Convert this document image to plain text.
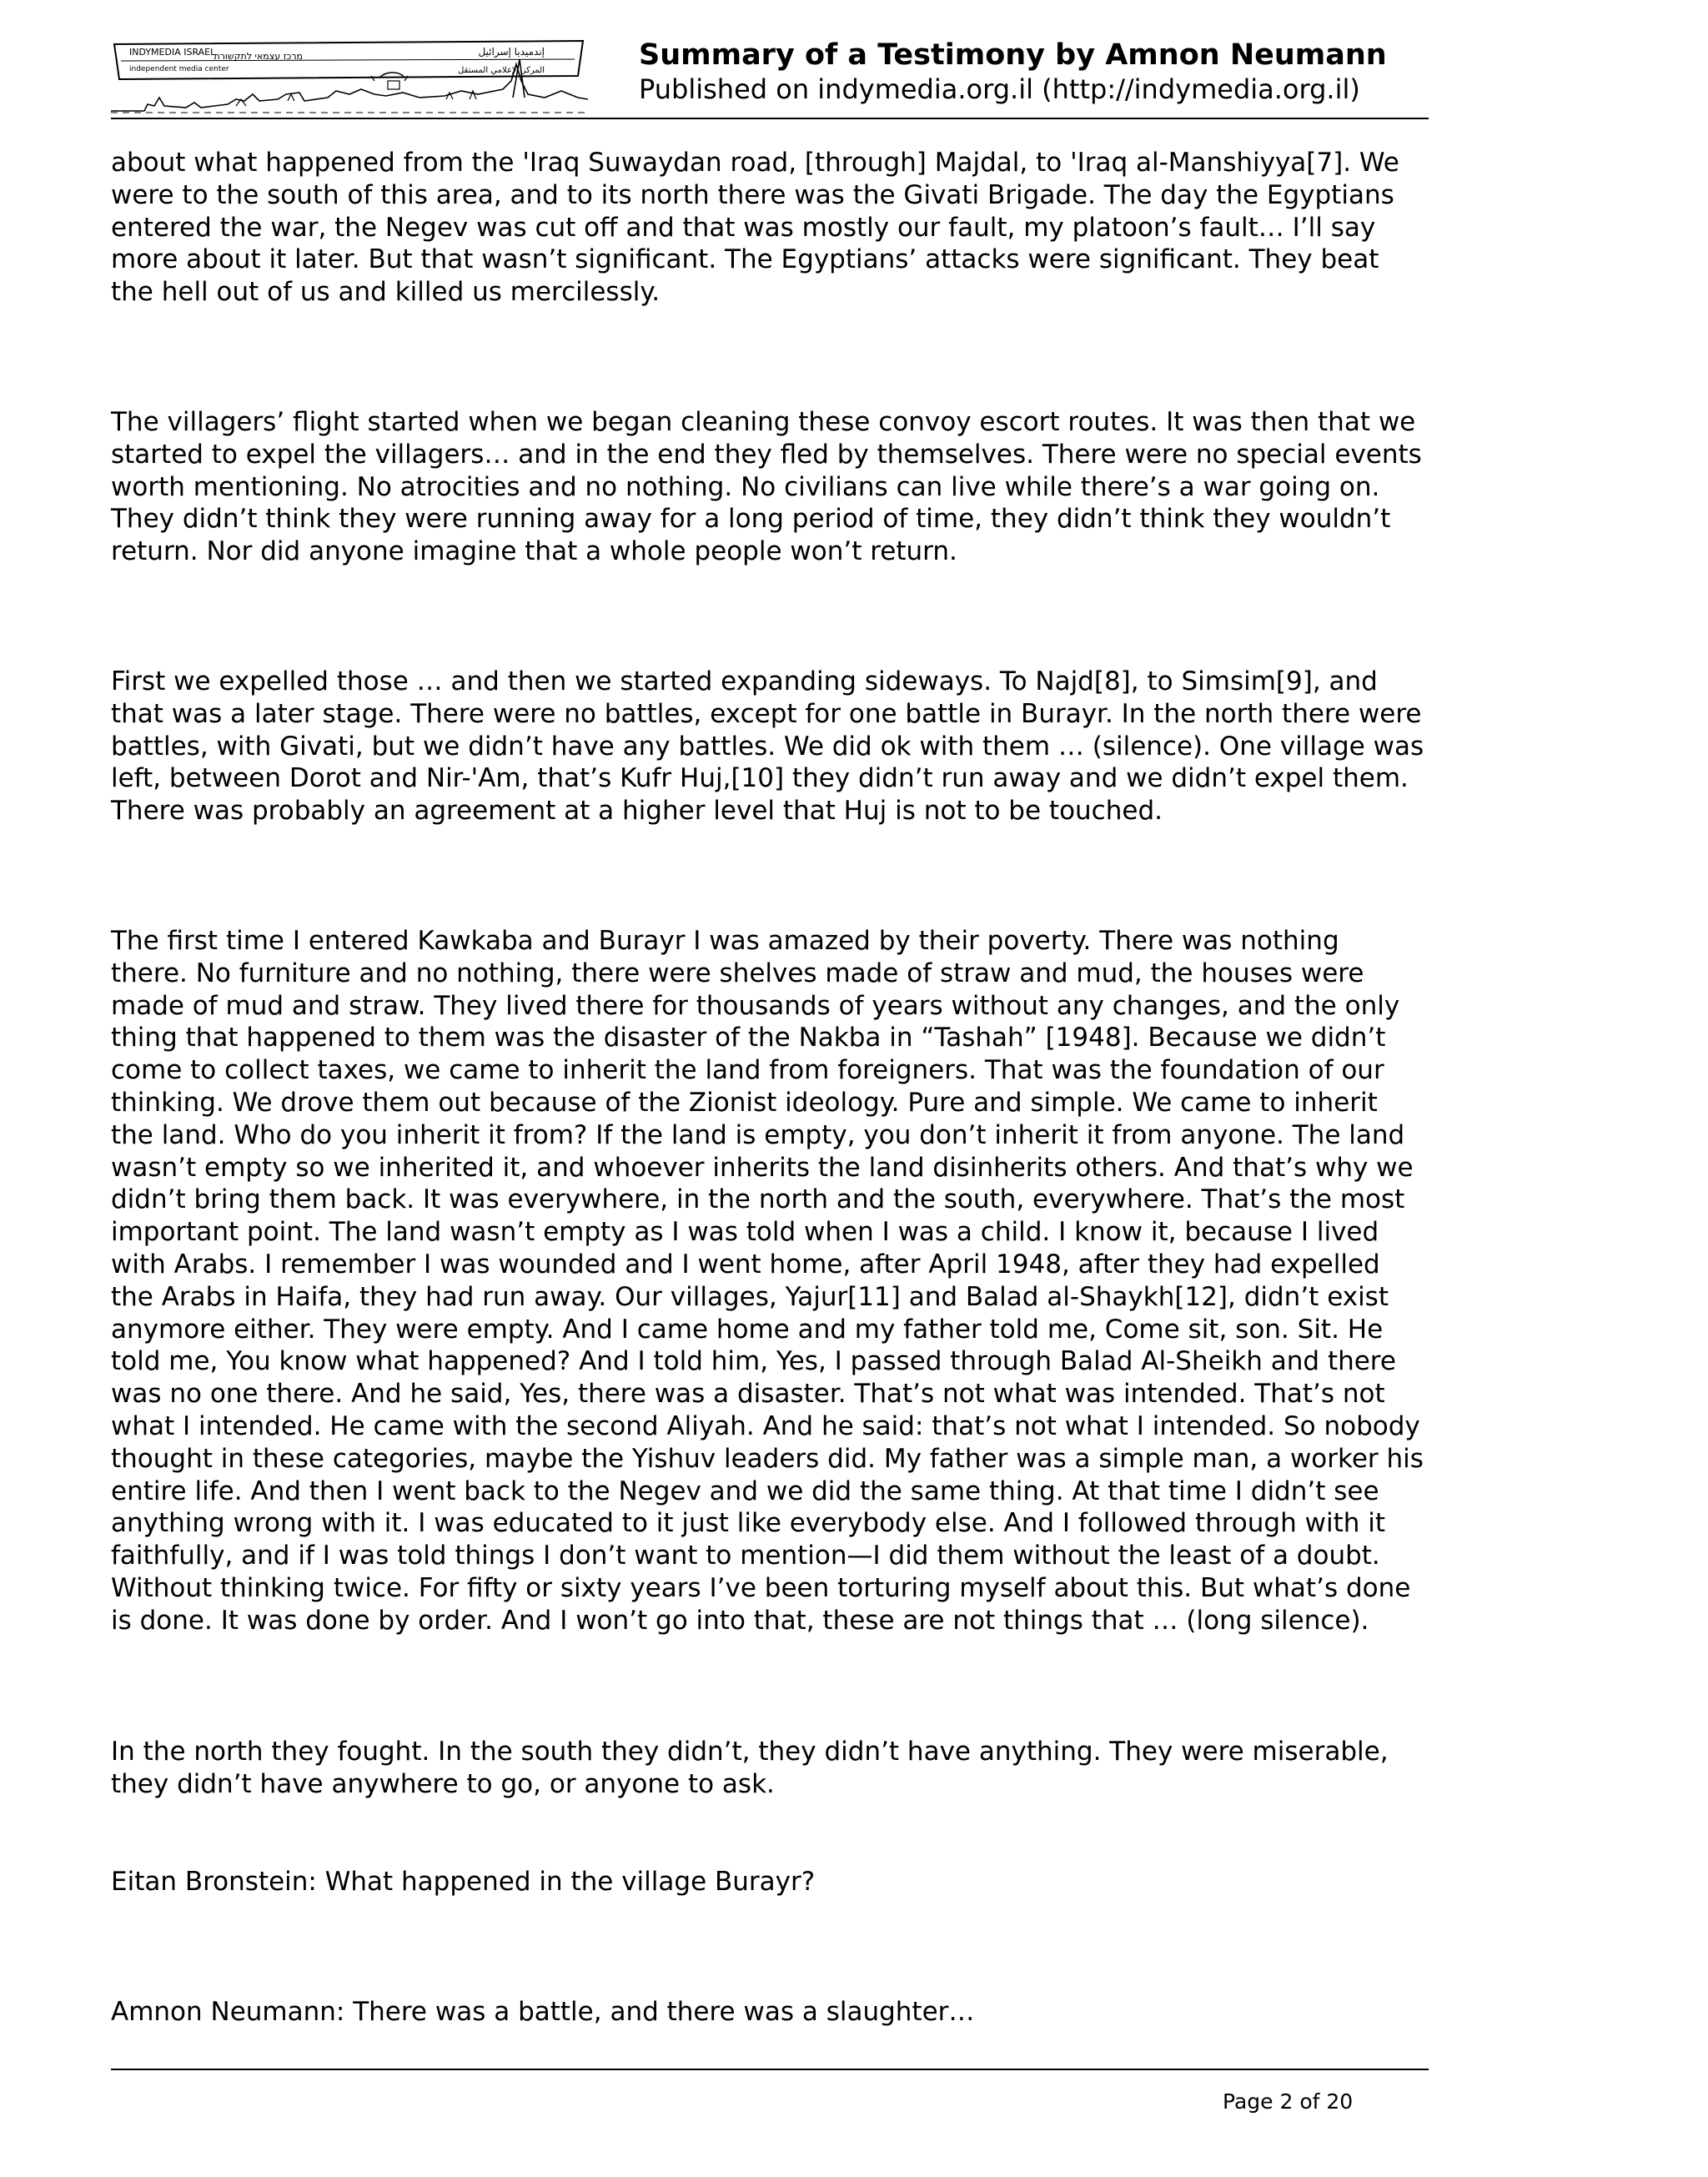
INDYMEDIA ISRAEL
independent media center
מרכז עצמאי לתקשורת	إندميديا إسرائيل
المركز الإعلامي المستقل	Summary of a Testimony by Amnon Neumann
Published on indymedia.org.il (http://indymedia.org.il)

about what happened from the 'Iraq Suwaydan road, [through] Majdal, to 'Iraq al-Manshiyya[7]. We
were to the south of this area, and to its north there was the Givati Brigade. The day the Egyptians
entered the war, the Negev was cut off and that was mostly our fault, my platoon’s fault… I’ll say
more about it later. But that wasn’t significant. The Egyptians’ attacks were significant. They beat
the hell out of us and killed us mercilessly.

The villagers’ flight started when we began cleaning these convoy escort routes. It was then that we
started to expel the villagers… and in the end they fled by themselves. There were no special events
worth mentioning. No atrocities and no nothing. No civilians can live while there’s a war going on.
They didn’t think they were running away for a long period of time, they didn’t think they wouldn’t
return. Nor did anyone imagine that a whole people won’t return.

First we expelled those … and then we started expanding sideways. To Najd[8], to Simsim[9], and
that was a later stage. There were no battles, except for one battle in Burayr. In the north there were
battles, with Givati, but we didn’t have any battles. We did ok with them … (silence). One village was
left, between Dorot and Nir-'Am, that’s Kufr Huj,[10] they didn’t run away and we didn’t expel them.
There was probably an agreement at a higher level that Huj is not to be touched.

The first time I entered Kawkaba and Burayr I was amazed by their poverty. There was nothing
there. No furniture and no nothing, there were shelves made of straw and mud, the houses were
made of mud and straw. They lived there for thousands of years without any changes, and the only
thing that happened to them was the disaster of the Nakba in “Tashah” [1948]. Because we didn’t
come to collect taxes, we came to inherit the land from foreigners. That was the foundation of our
thinking. We drove them out because of the Zionist ideology. Pure and simple. We came to inherit
the land. Who do you inherit it from? If the land is empty, you don’t inherit it from anyone. The land
wasn’t empty so we inherited it, and whoever inherits the land disinherits others. And that’s why we
didn’t bring them back. It was everywhere, in the north and the south, everywhere. That’s the most
important point. The land wasn’t empty as I was told when I was a child. I know it, because I lived
with Arabs. I remember I was wounded and I went home, after April 1948, after they had expelled
the Arabs in Haifa, they had run away. Our villages, Yajur[11] and Balad al-Shaykh[12], didn’t exist
anymore either. They were empty. And I came home and my father told me, Come sit, son. Sit. He
told me, You know what happened? And I told him, Yes, I passed through Balad Al-Sheikh and there
was no one there. And he said, Yes, there was a disaster. That’s not what was intended. That’s not
what I intended. He came with the second Aliyah. And he said: that’s not what I intended. So nobody
thought in these categories, maybe the Yishuv leaders did. My father was a simple man, a worker his
entire life. And then I went back to the Negev and we did the same thing. At that time I didn’t see
anything wrong with it. I was educated to it just like everybody else. And I followed through with it
faithfully, and if I was told things I don’t want to mention—I did them without the least of a doubt.
Without thinking twice. For fifty or sixty years I’ve been torturing myself about this. But what’s done
is done. It was done by order. And I won’t go into that, these are not things that … (long silence).

In the north they fought. In the south they didn’t, they didn’t have anything. They were miserable,
they didn’t have anywhere to go, or anyone to ask.

Eitan Bronstein: What happened in the village Burayr?

Amnon Neumann: There was a battle, and there was a slaughter…

Page 2 of 20
